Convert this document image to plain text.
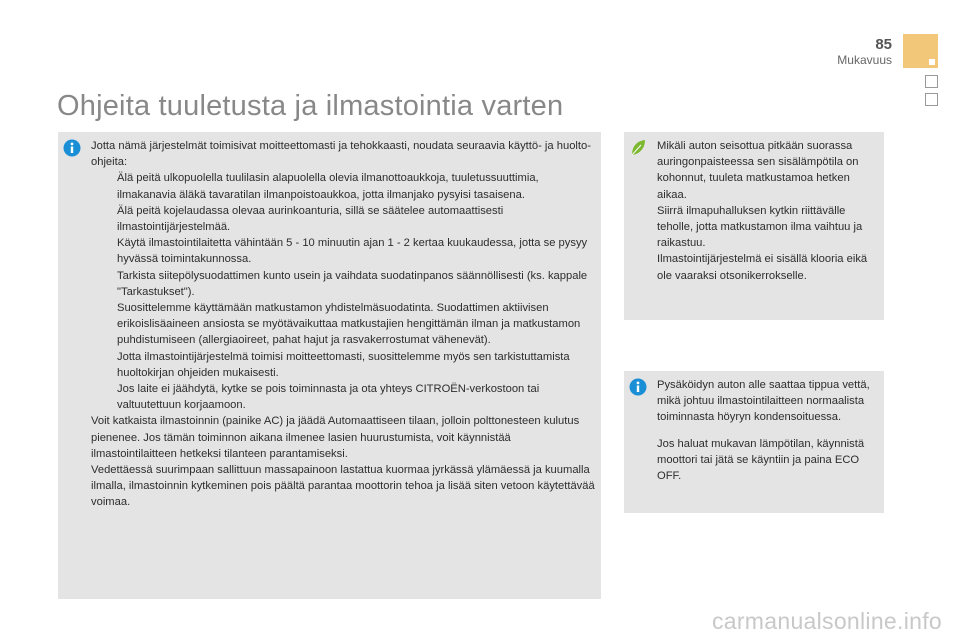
85
Mukavuus
Ohjeita tuuletusta ja ilmastointia varten

Jotta nämä järjestelmät toimisivat moitteettomasti ja tehokkaasti, noudata seuraavia käyttö- ja huolto-ohjeita:

Älä peitä ulkopuolella tuulilasin alapuolella olevia ilmanottoaukkoja, tuuletussuuttimia, ilmakanavia äläkä tavaratilan ilmanpoistoaukkoa, jotta ilmanjako pysyisi tasaisena.
Älä peitä kojelaudassa olevaa aurinkoanturia, sillä se säätelee automaattisesti ilmastointijärjestelmää.
Käytä ilmastointilaitetta vähintään 5 - 10 minuutin ajan 1 - 2 kertaa kuukaudessa, jotta se pysyy hyvässä toimintakunnossa.
Tarkista siitepölysuodattimen kunto usein ja vaihdata suodatinpanos säännöllisesti (ks. kappale "Tarkastukset").
Suosittelemme käyttämään matkustamon yhdistelmäsuodatinta. Suodattimen aktiivisen erikoislisäaineen ansiosta se myötävaikuttaa matkustajien hengittämän ilman ja matkustamon puhdistumiseen (allergiaoireet, pahat hajut ja rasvakerrostumat vähenevät).
Jotta ilmastointijärjestelmä toimisi moitteettomasti, suosittelemme myös sen tarkistuttamista huoltokirjan ohjeiden mukaisesti.
Jos laite ei jäähdytä, kytke se pois toiminnasta ja ota yhteys CITROËN-verkostoon tai valtuutettuun korjaamoon.

Voit katkaista ilmastoinnin (painike AC) ja jäädä Automaattiseen tilaan, jolloin polttonesteen kulutus pienenee. Jos tämän toiminnon aikana ilmenee lasien huurustumista, voit käynnistää ilmastointilaitteen hetkeksi tilanteen parantamiseksi.

Vedettäessä suurimpaan sallittuun massapainoon lastattua kuormaa jyrkässä ylämäessä ja kuumalla ilmalla, ilmastoinnin kytkeminen pois päältä parantaa moottorin tehoa ja lisää siten vetoon käytettävää voimaa.

Mikäli auton seisottua pitkään suorassa auringonpaisteessa sen sisälämpötila on kohonnut, tuuleta matkustamoa hetken aikaa.
Siirrä ilmapuhalluksen kytkin riittävälle teholle, jotta matkustamon ilma vaihtuu ja raikastuu.
Ilmastointijärjestelmä ei sisällä klooria eikä ole vaaraksi otsonikerrokselle.

Pysäköidyn auton alle saattaa tippua vettä, mikä johtuu ilmastointilaitteen normaalista toiminnasta höyryn kondensoituessa.

Jos haluat mukavan lämpötilan, käynnistä moottori tai jätä se käyntiin ja paina ECO OFF.

carmanualsonline.info
